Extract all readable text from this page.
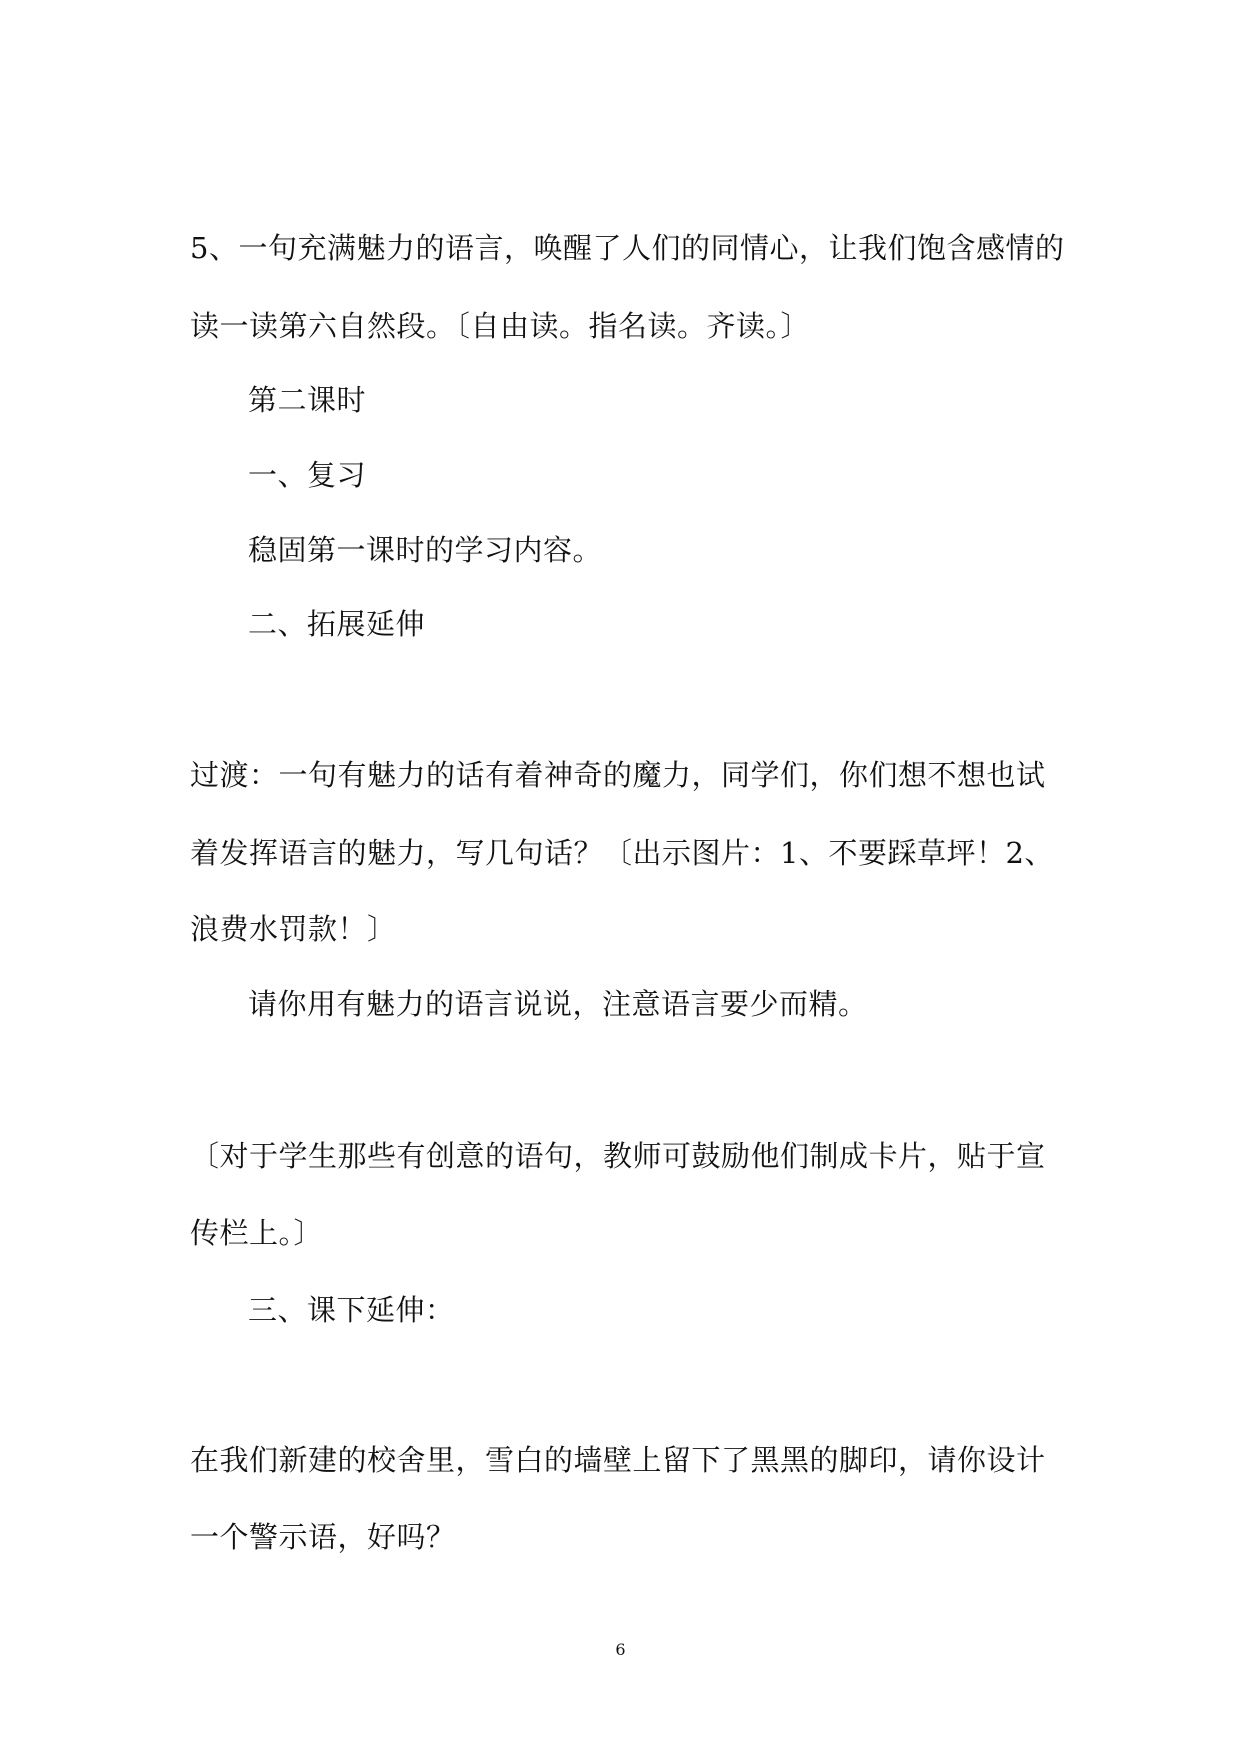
5、一句充满魅力的语言，唤醒了人们的同情心，让我们饱含感情的
读一读第六自然段。〔自由读。指名读。齐读。〕
第二课时
一、复习
稳固第一课时的学习内容。
二、拓展延伸
过渡：一句有魅力的话有着神奇的魔力，同学们，你们想不想也试
着发挥语言的魅力，写几句话？〔出示图片：1、不要踩草坪！2、
浪费水罚款！〕
请你用有魅力的语言说说，注意语言要少而精。
〔对于学生那些有创意的语句，教师可鼓励他们制成卡片，贴于宣
传栏上。〕
三、课下延伸：
在我们新建的校舍里，雪白的墙壁上留下了黑黑的脚印，请你设计
一个警示语，好吗？
6
